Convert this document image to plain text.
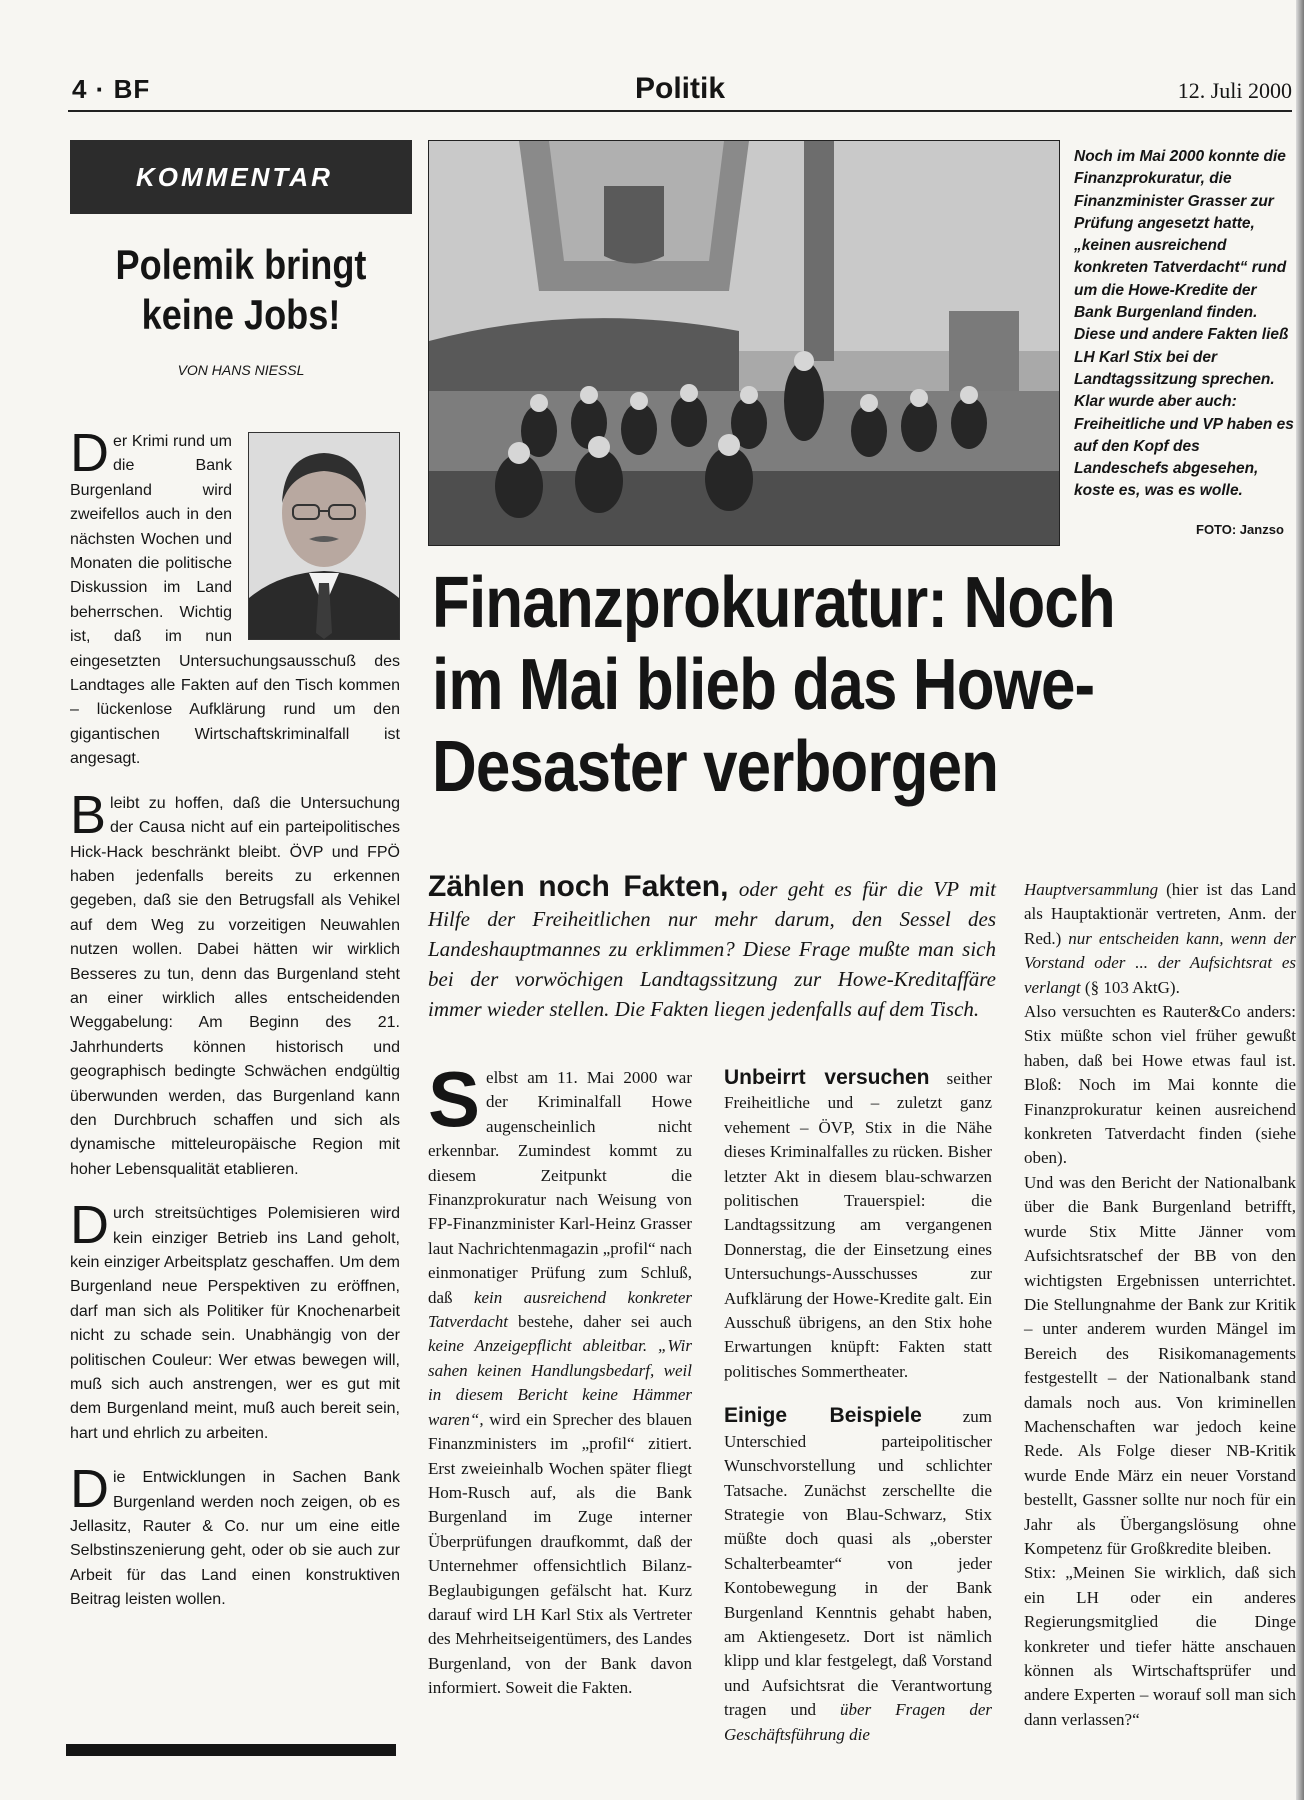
4 · BF	Politik	12. Juli 2000
KOMMENTAR
Polemik bringt
keine Jobs!
VON HANS NIESSL

Der Krimi rund um die Bank Burgenland wird zweifellos auch in den nächsten Wochen und Monaten die politische Diskussion im Land beherrschen. Wichtig ist, daß im nun eingesetzten Untersuchungsausschuß des Landtages alle Fakten auf den Tisch kommen – lückenlose Aufklärung rund um den gigantischen Wirtschaftskriminalfall ist angesagt.

Bleibt zu hoffen, daß die Untersuchung der Causa nicht auf ein parteipolitisches Hick-Hack beschränkt bleibt. ÖVP und FPÖ haben jedenfalls bereits zu erkennen gegeben, daß sie den Betrugsfall als Vehikel auf dem Weg zu vorzeitigen Neuwahlen nutzen wollen. Dabei hätten wir wirklich Besseres zu tun, denn das Burgenland steht an einer wirklich alles entscheidenden Weggabelung: Am Beginn des 21. Jahrhunderts können historisch und geographisch bedingte Schwächen endgültig überwunden werden, das Burgenland kann den Durchbruch schaffen und sich als dynamische mitteleuropäische Region mit hoher Lebensqualität etablieren.

Durch streitsüchtiges Polemisieren wird kein einziger Betrieb ins Land geholt, kein einziger Arbeitsplatz geschaffen. Um dem Burgenland neue Perspektiven zu eröffnen, darf man sich als Politiker für Knochenarbeit nicht zu schade sein. Unabhängig von der politischen Couleur: Wer etwas bewegen will, muß sich auch anstrengen, wer es gut mit dem Burgenland meint, muß auch bereit sein, hart und ehrlich zu arbeiten.

Die Entwicklungen in Sachen Bank Burgenland werden noch zeigen, ob es Jellasitz, Rauter & Co. nur um eine eitle Selbstinszenierung geht, oder ob sie auch zur Arbeit für das Land einen konstruktiven Beitrag leisten wollen.

Noch im Mai 2000 konnte die Finanzprokuratur, die Finanzminister Grasser zur Prüfung angesetzt hatte, „keinen ausreichend konkreten Tatverdacht“ rund um die Howe-Kredite der Bank Burgenland finden. Diese und andere Fakten ließ LH Karl Stix bei der Landtagssitzung sprechen. Klar wurde aber auch: Freiheitliche und VP haben es auf den Kopf des Landeschefs abgesehen, koste es, was es wolle.
FOTO: Janzso
Finanzprokuratur: Noch
im Mai blieb das Howe-
Desaster verborgen
Zählen noch Fakten, oder geht es für die VP mit Hilfe der Freiheitlichen nur mehr darum, den Sessel des Landeshauptmannes zu erklimmen? Diese Frage mußte man sich bei der vorwöchigen Landtagssitzung zur Howe-Kreditaffäre immer wieder stellen. Die Fakten liegen jedenfalls auf dem Tisch.

Selbst am 11. Mai 2000 war der Kriminalfall Howe augenscheinlich nicht erkennbar. Zumindest kommt zu diesem Zeitpunkt die Finanzprokuratur nach Weisung von FP-Finanzminister Karl-Heinz Grasser laut Nachrichtenmagazin „profil“ nach einmonatiger Prüfung zum Schluß, daß kein ausreichend konkreter Tatverdacht bestehe, daher sei auch keine Anzeigepflicht ableitbar. „Wir sahen keinen Handlungsbedarf, weil in diesem Bericht keine Hämmer waren“, wird ein Sprecher des blauen Finanzministers im „profil“ zitiert. Erst zweieinhalb Wochen später fliegt Hom-Rusch auf, als die Bank Burgenland im Zuge interner Überprüfungen draufkommt, daß der Unternehmer offensichtlich Bilanz-Beglaubigungen gefälscht hat. Kurz darauf wird LH Karl Stix als Vertreter des Mehrheitseigentümers, des Landes Burgenland, von der Bank davon informiert. Soweit die Fakten.

Unbeirrt versuchen seither Freiheitliche und – zuletzt ganz vehement – ÖVP, Stix in die Nähe dieses Kriminalfalles zu rücken. Bisher letzter Akt in diesem blau-schwarzen politischen Trauerspiel: die Landtagssitzung am vergangenen Donnerstag, die der Einsetzung eines Untersuchungs-Ausschusses zur Aufklärung der Howe-Kredite galt. Ein Ausschuß übrigens, an den Stix hohe Erwartungen knüpft: Fakten statt politisches Sommertheater.

Einige Beispiele zum Unterschied parteipolitischer Wunschvorstellung und schlichter Tatsache. Zunächst zerschellte die Strategie von Blau-Schwarz, Stix müßte doch quasi als „oberster Schalterbeamter“ von jeder Kontobewegung in der Bank Burgenland Kenntnis gehabt haben, am Aktiengesetz. Dort ist nämlich klipp und klar festgelegt, daß Vorstand und Aufsichtsrat die Verantwortung tragen und über Fragen der Geschäftsführung die

Hauptversammlung (hier ist das Land als Hauptaktionär vertreten, Anm. der Red.) nur entscheiden kann, wenn der Vorstand oder ... der Aufsichtsrat es verlangt (§ 103 AktG).

Also versuchten es Rauter&Co anders: Stix müßte schon viel früher gewußt haben, daß bei Howe etwas faul ist. Bloß: Noch im Mai konnte die Finanzprokuratur keinen ausreichend konkreten Tatverdacht finden (siehe oben).

Und was den Bericht der Nationalbank über die Bank Burgenland betrifft, wurde Stix Mitte Jänner vom Aufsichtsratschef der BB von den wichtigsten Ergebnissen unterrichtet. Die Stellungnahme der Bank zur Kritik – unter anderem wurden Mängel im Bereich des Risikomanagements festgestellt – der Nationalbank stand damals noch aus. Von kriminellen Machenschaften war jedoch keine Rede. Als Folge dieser NB-Kritik wurde Ende März ein neuer Vorstand bestellt, Gassner sollte nur noch für ein Jahr als Übergangslösung ohne Kompetenz für Großkredite bleiben.

Stix: „Meinen Sie wirklich, daß sich ein LH oder ein anderes Regierungsmitglied die Dinge konkreter und tiefer hätte anschauen können als Wirtschaftsprüfer und andere Experten – worauf soll man sich dann verlassen?“
